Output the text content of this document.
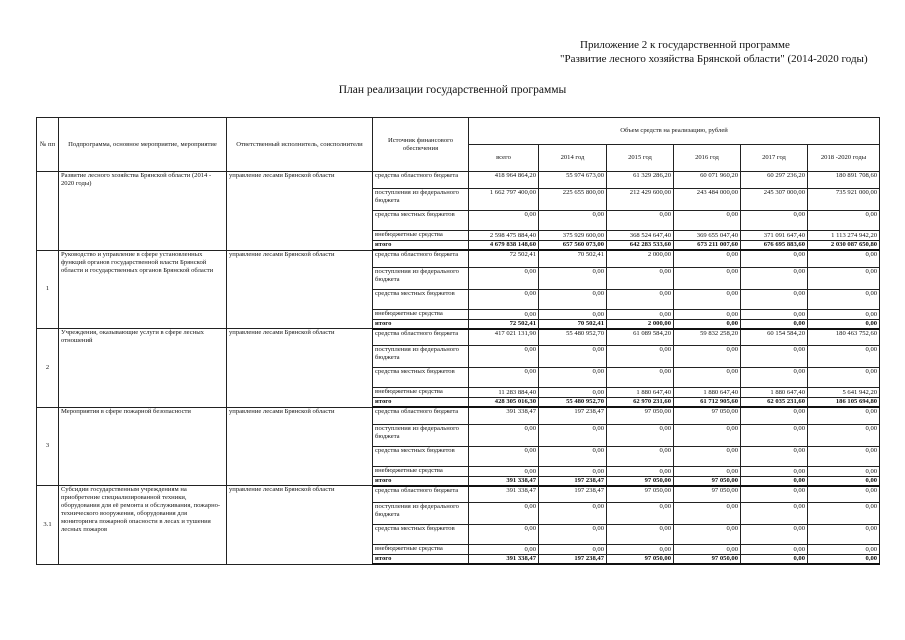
Приложение 2 к государственной программе
"Развитие лесного хозяйства Брянской области" (2014-2020 годы)
План реализации государственной программы
№ пп	Подпрограмма, основное мероприятие, мероприятие	Ответственный исполнитель, соисполнители	Источник финансового обеспечения	Объем средств на реализацию, рублей					
				всего	2014 год	2015 год	2016 год	2017 год	2018 -2020 годы
	Развитие лесного хозяйства Брянской области (2014 - 2020 годы)	управление лесами Брянской области	средства областного бюджета	418 964 864,20	55 974 673,00	61 329 286,20	60 071 960,20	60 297 236,20	180 891 708,60
			поступления из федерального бюджета	1 662 797 400,00	225 655 800,00	212 429 600,00	243 484 000,00	245 307 000,00	735 921 000,00
			средства местных бюджетов	0,00	0,00	0,00	0,00	0,00	0,00
			внебюджетные средства	2 598 475 884,40	375 929 600,00	368 524 647,40	369 655 047,40	371 091 647,40	1 113 274 942,20
			итого	4 679 838 148,60	657 560 073,00	642 283 533,60	673 211 007,60	676 695 883,60	2 030 087 650,80
1	Руководство и управление в сфере установленных функций органов государственной власти Брянской области и государственных органов Брянской области	управление лесами Брянской области	средства областного бюджета	72 502,41	70 502,41	2 000,00	0,00	0,00	0,00
			поступления из федерального бюджета	0,00	0,00	0,00	0,00	0,00	0,00
			средства местных бюджетов	0,00	0,00	0,00	0,00	0,00	0,00
			внебюджетные средства	0,00	0,00	0,00	0,00	0,00	0,00
			итого	72 502,41	70 502,41	2 000,00	0,00	0,00	0,00
2	Учреждения, оказывающие услуги в сфере лесных отношений	управление лесами Брянской области	средства областного бюджета	417 021 131,90	55 480 952,70	61 089 584,20	59 832 258,20	60 154 584,20	180 463 752,60
			поступления из федерального бюджета	0,00	0,00	0,00	0,00	0,00	0,00
			средства местных бюджетов	0,00	0,00	0,00	0,00	0,00	0,00
			внебюджетные средства	11 283 884,40	0,00	1 880 647,40	1 880 647,40	1 880 647,40	5 641 942,20
			итого	428 305 016,30	55 480 952,70	62 970 231,60	61 712 905,60	62 035 231,60	186 105 694,80
3	Мероприятия в сфере пожарной безопасности	управление лесами Брянской области	средства областного бюджета	391 338,47	197 238,47	97 050,00	97 050,00	0,00	0,00
			поступления из федерального бюджета	0,00	0,00	0,00	0,00	0,00	0,00
			средства местных бюджетов	0,00	0,00	0,00	0,00	0,00	0,00
			внебюджетные средства	0,00	0,00	0,00	0,00	0,00	0,00
			итого	391 338,47	197 238,47	97 050,00	97 050,00	0,00	0,00
3.1	Субсидии государственным учреждениям на приобретение специализированной техники, оборудования для её ремонта и обслуживания, пожарно-технического вооружения, оборудования для мониторинга пожарной опасности в лесах и тушения лесных пожаров	управление лесами Брянской области	средства областного бюджета	391 338,47	197 238,47	97 050,00	97 050,00	0,00	0,00
			поступления из федерального бюджета	0,00	0,00	0,00	0,00	0,00	0,00
			средства местных бюджетов	0,00	0,00	0,00	0,00	0,00	0,00
			внебюджетные средства	0,00	0,00	0,00	0,00	0,00	0,00
			итого	391 338,47	197 238,47	97 050,00	97 050,00	0,00	0,00
